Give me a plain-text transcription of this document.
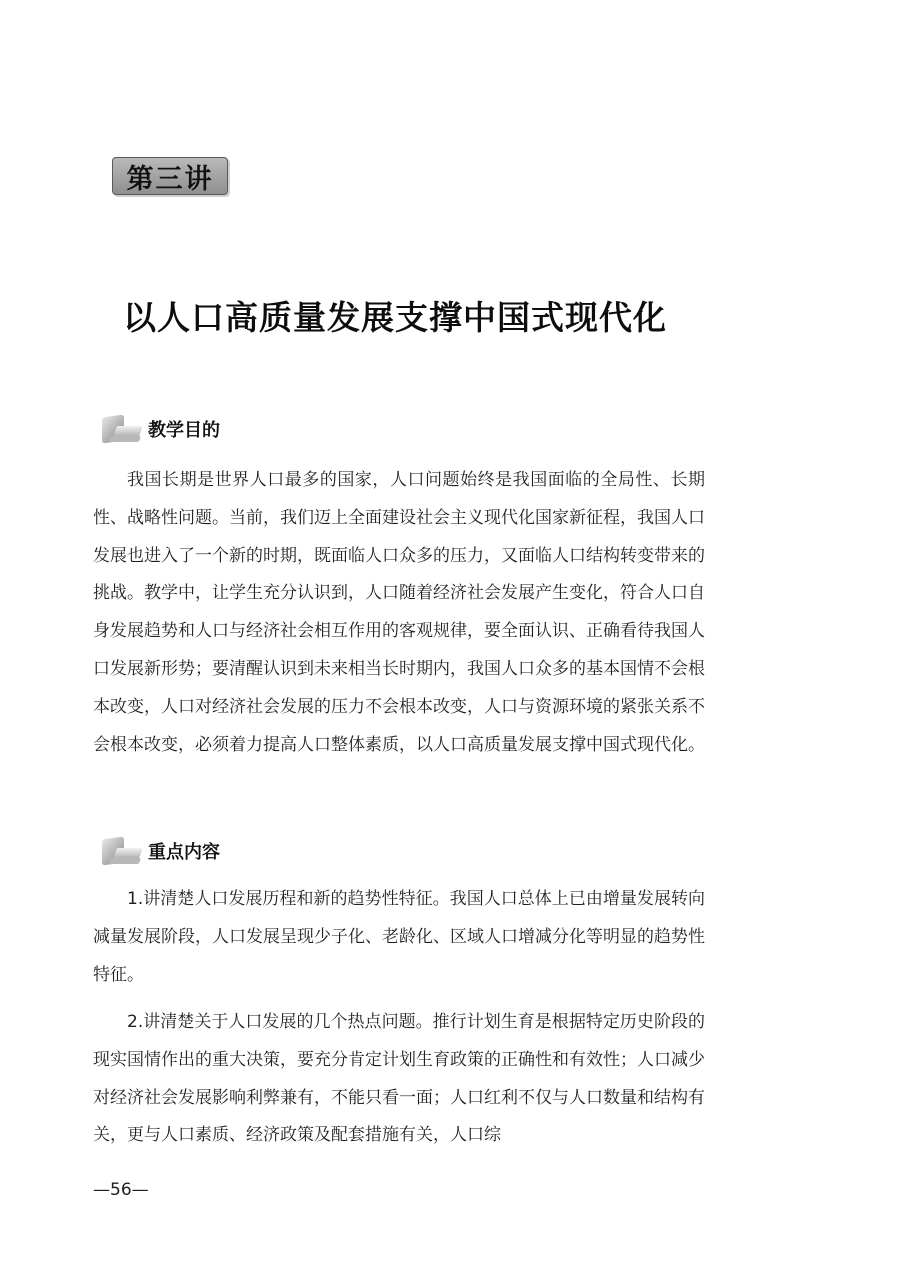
第三讲
以人口高质量发展支撑中国式现代化
教学目的

我国长期是世界人口最多的国家，人口问题始终是我国面临的全局性、长期性、战略性问题。当前，我们迈上全面建设社会主义现代化国家新征程，我国人口发展也进入了一个新的时期，既面临人口众多的压力，又面临人口结构转变带来的挑战。教学中，让学生充分认识到，人口随着经济社会发展产生变化，符合人口自身发展趋势和人口与经济社会相互作用的客观规律，要全面认识、正确看待我国人口发展新形势；要清醒认识到未来相当长时期内，我国人口众多的基本国情不会根本改变，人口对经济社会发展的压力不会根本改变，人口与资源环境的紧张关系不会根本改变，必须着力提高人口整体素质，以人口高质量发展支撑中国式现代化。

重点内容

1.讲清楚人口发展历程和新的趋势性特征。我国人口总体上已由增量发展转向减量发展阶段，人口发展呈现少子化、老龄化、区域人口增减分化等明显的趋势性特征。

2.讲清楚关于人口发展的几个热点问题。推行计划生育是根据特定历史阶段的现实国情作出的重大决策，要充分肯定计划生育政策的正确性和有效性；人口减少对经济社会发展影响利弊兼有，不能只看一面；人口红利不仅与人口数量和结构有关，更与人口素质、经济政策及配套措施有关，人口综

—56—
